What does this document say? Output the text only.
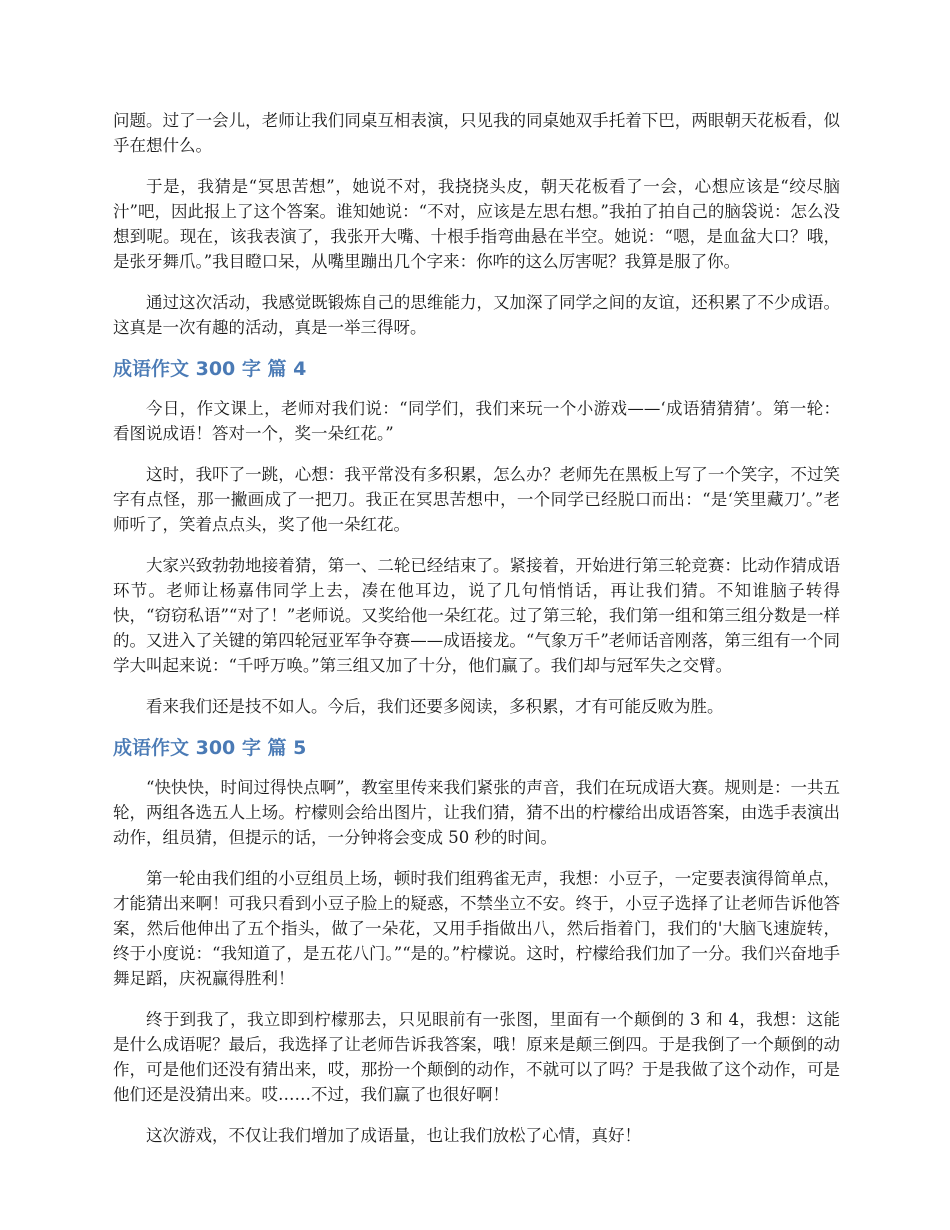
问题。过了一会儿，老师让我们同桌互相表演，只见我的同桌她双手托着下巴，两眼朝天花板看，似乎在想什么。

于是，我猜是“冥思苦想”，她说不对，我挠挠头皮，朝天花板看了一会，心想应该是“绞尽脑汁”吧，因此报上了这个答案。谁知她说：“不对，应该是左思右想。”我拍了拍自己的脑袋说：怎么没想到呢。现在，该我表演了，我张开大嘴、十根手指弯曲悬在半空。她说：“嗯，是血盆大口？哦，是张牙舞爪。”我目瞪口呆，从嘴里蹦出几个字来：你咋的这么厉害呢？我算是服了你。

通过这次活动，我感觉既锻炼自己的思维能力，又加深了同学之间的友谊，还积累了不少成语。这真是一次有趣的活动，真是一举三得呀。

成语作文 300 字 篇 4

今日，作文课上，老师对我们说：“同学们，我们来玩一个小游戏——‘成语猜猜猜’。第一轮：看图说成语！答对一个，奖一朵红花。”

这时，我吓了一跳，心想：我平常没有多积累，怎么办？老师先在黑板上写了一个笑字，不过笑字有点怪，那一撇画成了一把刀。我正在冥思苦想中，一个同学已经脱口而出：“是‘笑里藏刀’。”老师听了，笑着点点头，奖了他一朵红花。

大家兴致勃勃地接着猜，第一、二轮已经结束了。紧接着，开始进行第三轮竞赛：比动作猜成语环节。老师让杨嘉伟同学上去，凑在他耳边，说了几句悄悄话，再让我们猜。不知谁脑子转得快，“窃窃私语”“对了！”老师说。又奖给他一朵红花。过了第三轮，我们第一组和第三组分数是一样的。又进入了关键的第四轮冠亚军争夺赛——成语接龙。“气象万千”老师话音刚落，第三组有一个同学大叫起来说：“千呼万唤。”第三组又加了十分，他们赢了。我们却与冠军失之交臂。

看来我们还是技不如人。今后，我们还要多阅读，多积累，才有可能反败为胜。

成语作文 300 字 篇 5

“快快快，时间过得快点啊”，教室里传来我们紧张的声音，我们在玩成语大赛。规则是：一共五轮，两组各选五人上场。柠檬则会给出图片，让我们猜，猜不出的柠檬给出成语答案，由选手表演出动作，组员猜，但提示的话，一分钟将会变成 50 秒的时间。

第一轮由我们组的小豆组员上场，顿时我们组鸦雀无声，我想：小豆子，一定要表演得简单点，才能猜出来啊！可我只看到小豆子脸上的疑惑，不禁坐立不安。终于，小豆子选择了让老师告诉他答案，然后他伸出了五个指头，做了一朵花，又用手指做出八，然后指着门，我们的'大脑飞速旋转，终于小度说：“我知道了，是五花八门。”“是的。”柠檬说。这时，柠檬给我们加了一分。我们兴奋地手舞足蹈，庆祝赢得胜利！

终于到我了，我立即到柠檬那去，只见眼前有一张图，里面有一个颠倒的 3 和 4，我想：这能是什么成语呢？最后，我选择了让老师告诉我答案，哦！原来是颠三倒四。于是我倒了一个颠倒的动作，可是他们还没有猜出来，哎，那扮一个颠倒的动作，不就可以了吗？于是我做了这个动作，可是他们还是没猜出来。哎……不过，我们赢了也很好啊！

这次游戏，不仅让我们增加了成语量，也让我们放松了心情，真好！
